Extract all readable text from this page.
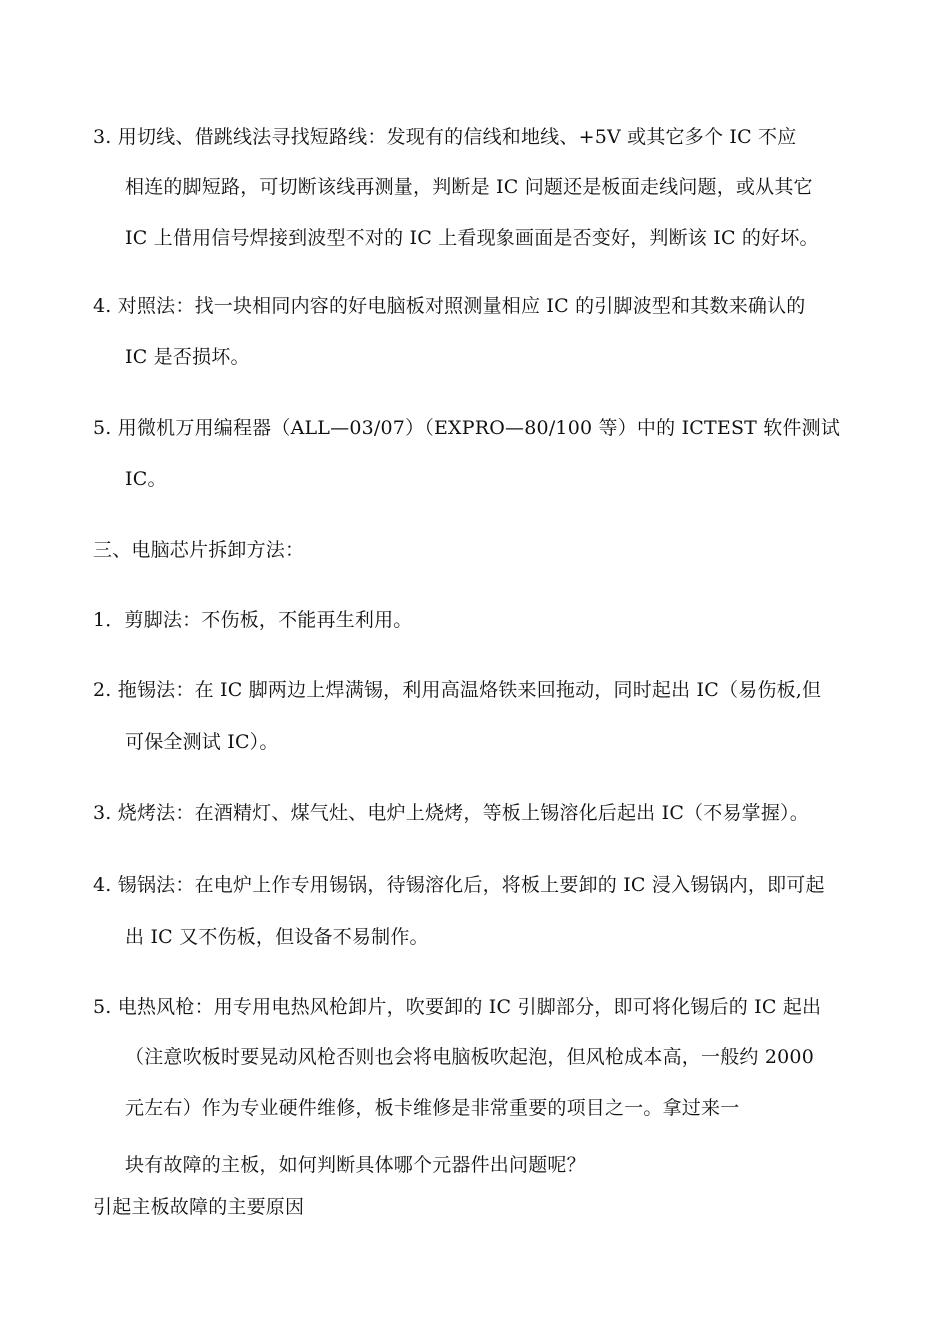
3. 用切线、借跳线法寻找短路线：发现有的信线和地线、+5V 或其它多个 IC 不应
相连的脚短路，可切断该线再测量，判断是 IC 问题还是板面走线问题，或从其它
IC 上借用信号焊接到波型不对的 IC 上看现象画面是否变好，判断该 IC 的好坏。
4. 对照法：找一块相同内容的好电脑板对照测量相应 IC 的引脚波型和其数来确认的
IC 是否损坏。
5. 用微机万用编程器（ALL—03/07）（EXPRO—80/100 等）中的 ICTEST 软件测试
IC。
三、电脑芯片拆卸方法：
1．剪脚法：不伤板，不能再生利用。
2. 拖锡法：在 IC 脚两边上焊满锡，利用高温烙铁来回拖动，同时起出 IC（易伤板,但
可保全测试 IC）。
3. 烧烤法：在酒精灯、煤气灶、电炉上烧烤，等板上锡溶化后起出 IC（不易掌握）。
4. 锡锅法：在电炉上作专用锡锅，待锡溶化后，将板上要卸的 IC 浸入锡锅内，即可起
出 IC 又不伤板，但设备不易制作。
5. 电热风枪：用专用电热风枪卸片，吹要卸的 IC 引脚部分，即可将化锡后的 IC 起出
（注意吹板时要晃动风枪否则也会将电脑板吹起泡，但风枪成本高，一般约 2000
元左右）作为专业硬件维修，板卡维修是非常重要的项目之一。拿过来一
块有故障的主板，如何判断具体哪个元器件出问题呢？
引起主板故障的主要原因
